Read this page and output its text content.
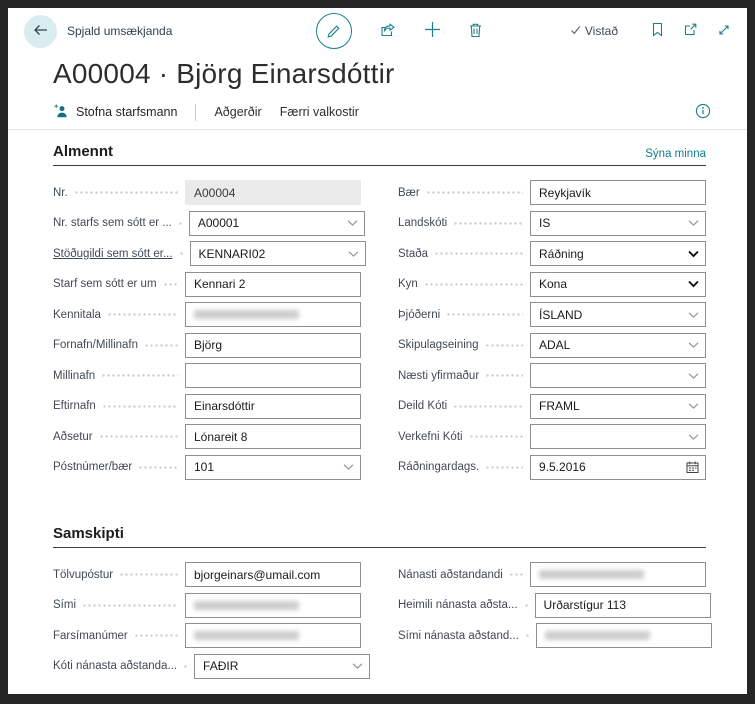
Spjald umsækjanda	Vistað
A00004 · Björg Einarsdóttir
Stofna starfsmann	Aðgerðir Færri valkostir
Almennt	Sýna minna
Nr.	A00004
Nr. starfs sem sótt er ... A00001
Stöðugildi sem sótt er... KENNARI02
Starf sem sótt er um	Kennari 2
Kennitala
Fornafn/Millinafn	Björg
Millinafn
Eftirnafn	Einarsdóttir
Aðsetur	Lónareit 8
Póstnúmer/bær	101
Bær	Reykjavík
Landskóti	IS
Staða	Ráðning
Kyn	Kona
Þjóðerni	ÍSLAND
Skipulagseining	ADAL
Næsti yfirmaður
Deild Kóti	FRAML
Verkefni Kóti
Ráðningardags.	9.5.2016
Samskipti
Tölvupóstur	bjorgeinars@umail.com
Sími
Farsímanúmer
Kóti nánasta aðstanda... FAÐIR
Nánasti aðstandandi
Heimili nánasta aðsta... Urðarstígur 113
Sími nánasta aðstand...
